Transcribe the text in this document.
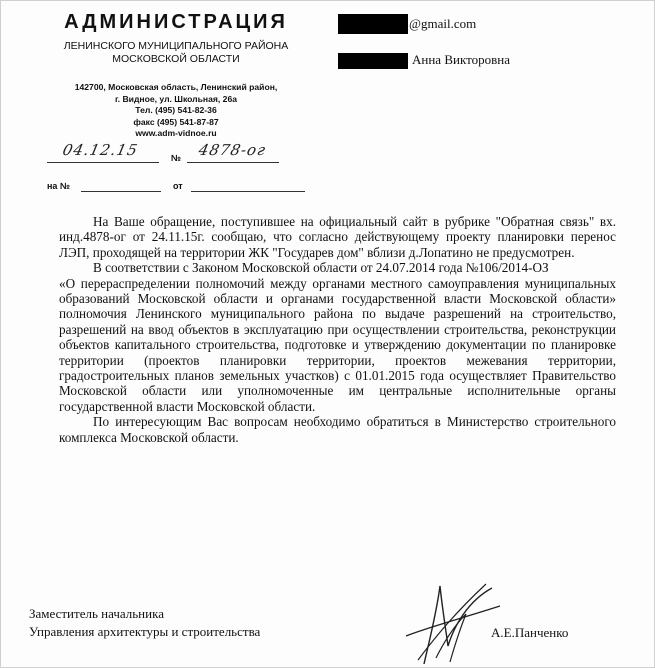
АДМИНИСТРАЦИЯ
ЛЕНИНСКОГО МУНИЦИПАЛЬНОГО РАЙОНА
МОСКОВСКОЙ ОБЛАСТИ
142700, Московская область, Ленинский район,
г. Видное, ул. Школьная, 26а
Тел. (495) 541-82-36
факс (495) 541-87-87
www.adm-vidnoe.ru
04.12.15	№ 4878-ог
на №	от
@gmail.com
Анна Викторовна

На Ваше обращение, поступившее на официальный сайт в рубрике "Обратная связь" вх. инд.4878-ог от 24.11.15г. сообщаю, что согласно действующему проекту планировки перенос ЛЭП, проходящей на территории ЖК "Государев дом" вблизи д.Лопатино не предусмотрен.

В соответствии с Законом Московской области от 24.07.2014 года №106/2014-ОЗ

«О перераспределении полномочий между органами местного самоуправления муниципальных образований Московской области и органами государственной власти Московской области» полномочия Ленинского муниципального района по выдаче разрешений на строительство, разрешений на ввод объектов в эксплуатацию при осуществлении строительства, реконструкции объектов капитального строительства, подготовке и утверждению документации по планировке территории (проектов планировки территории, проектов межевания территории, градостроительных планов земельных участков) с 01.01.2015 года осуществляет Правительство Московской области или уполномоченные им центральные исполнительные органы государственной власти Московской области.

По интересующим Вас вопросам необходимо обратиться в Министерство строительного комплекса Московской области.

Заместитель начальника
Управления архитектуры и строительства	А.Е.Панченко
